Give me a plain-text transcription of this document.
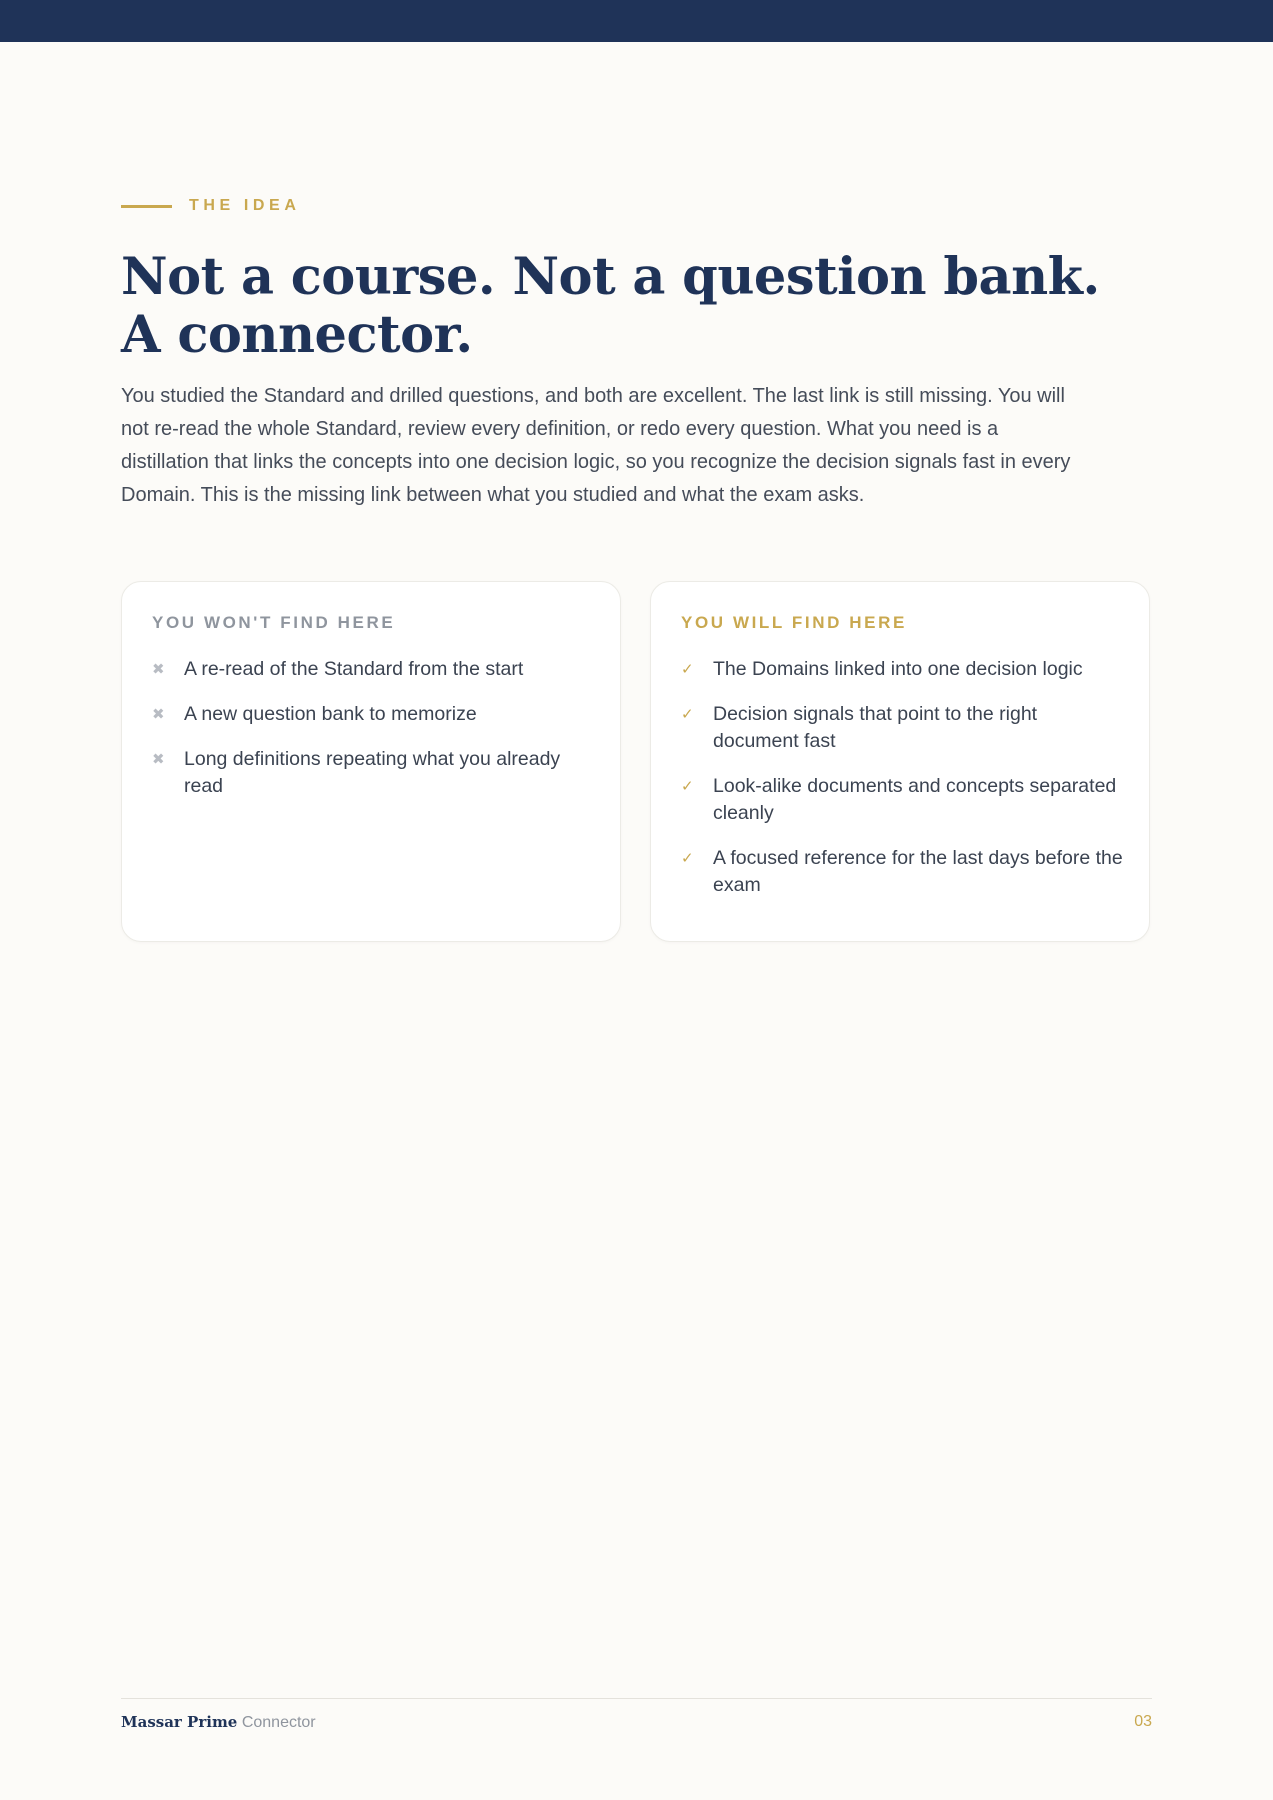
THE IDEA
Not a course. Not a question bank.
A connector.

You studied the Standard and drilled questions, and both are excellent. The last link is still missing. You will not re-read the whole Standard, review every definition, or redo every question. What you need is a distillation that links the concepts into one decision logic, so you recognize the decision signals fast in every Domain. This is the missing link between what you studied and what the exam asks.

YOU WON'T FIND HERE
✖ A re-read of the Standard from the start
✖ A new question bank to memorize
✖ Long definitions repeating what you already read
YOU WILL FIND HERE
✓ The Domains linked into one decision logic
✓ Decision signals that point to the right document fast
✓ Look-alike documents and concepts separated cleanly
✓ A focused reference for the last days before the exam
Massar Prime Connector	03
